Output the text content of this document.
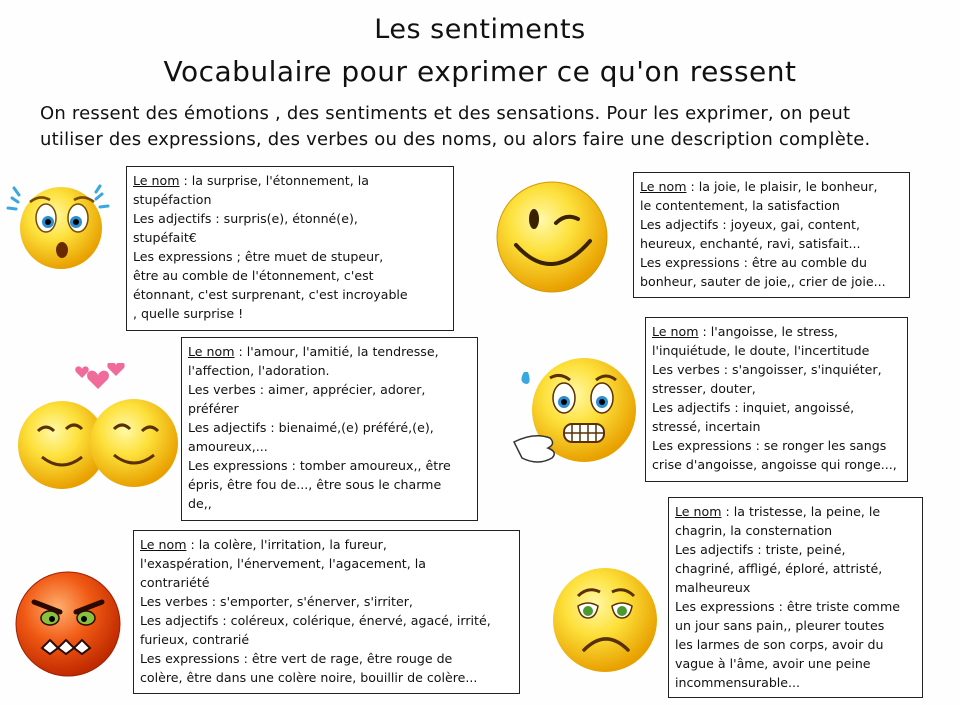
Les sentiments
Vocabulaire pour exprimer ce qu'on ressent
On ressent des émotions , des sentiments et des sensations. Pour les exprimer, on peut
utiliser des expressions, des verbes ou des noms, ou alors faire une description complète.

Le nom : la surprise, l'étonnement, la

stupéfaction

Les adjectifs : surpris(e), étonné(e),

stupéfait€

Les expressions ; être muet de stupeur,

être au comble de l'étonnement, c'est

étonnant, c'est surprenant, c'est incroyable

, quelle surprise !

Le nom : la joie, le plaisir, le bonheur,

le contentement, la satisfaction

Les adjectifs : joyeux, gai, content,

heureux, enchanté, ravi, satisfait...

Les expressions : être au comble du

bonheur, sauter de joie,, crier de joie...

Le nom : l'amour, l'amitié, la tendresse,

l'affection, l'adoration.

Les verbes : aimer, apprécier, adorer,

préférer

Les adjectifs : bienaimé,(e) préféré,(e),

amoureux,...

Les expressions : tomber amoureux,, être

épris, être fou de..., être sous le charme

de,,

Le nom : l'angoisse, le stress,

l'inquiétude, le doute, l'incertitude

Les verbes : s'angoisser, s'inquiéter,

stresser, douter,

Les adjectifs : inquiet, angoissé,

stressé, incertain

Les expressions : se ronger les sangs

crise d'angoisse, angoisse qui ronge...,

Le nom : la colère, l'irritation, la fureur,

l'exaspération, l'énervement, l'agacement, la

contrariété

Les verbes : s'emporter, s'énerver, s'irriter,

Les adjectifs : coléreux, colérique, énervé, agacé, irrité,

furieux, contrarié

Les expressions : être vert de rage, être rouge de

colère, être dans une colère noire, bouillir de colère...

Le nom : la tristesse, la peine, le

chagrin, la consternation

Les adjectifs : triste, peiné,

chagriné, affligé, éploré, attristé,

malheureux

Les expressions : être triste comme

un jour sans pain,, pleurer toutes

les larmes de son corps, avoir du

vague à l'âme, avoir une peine

incommensurable...
